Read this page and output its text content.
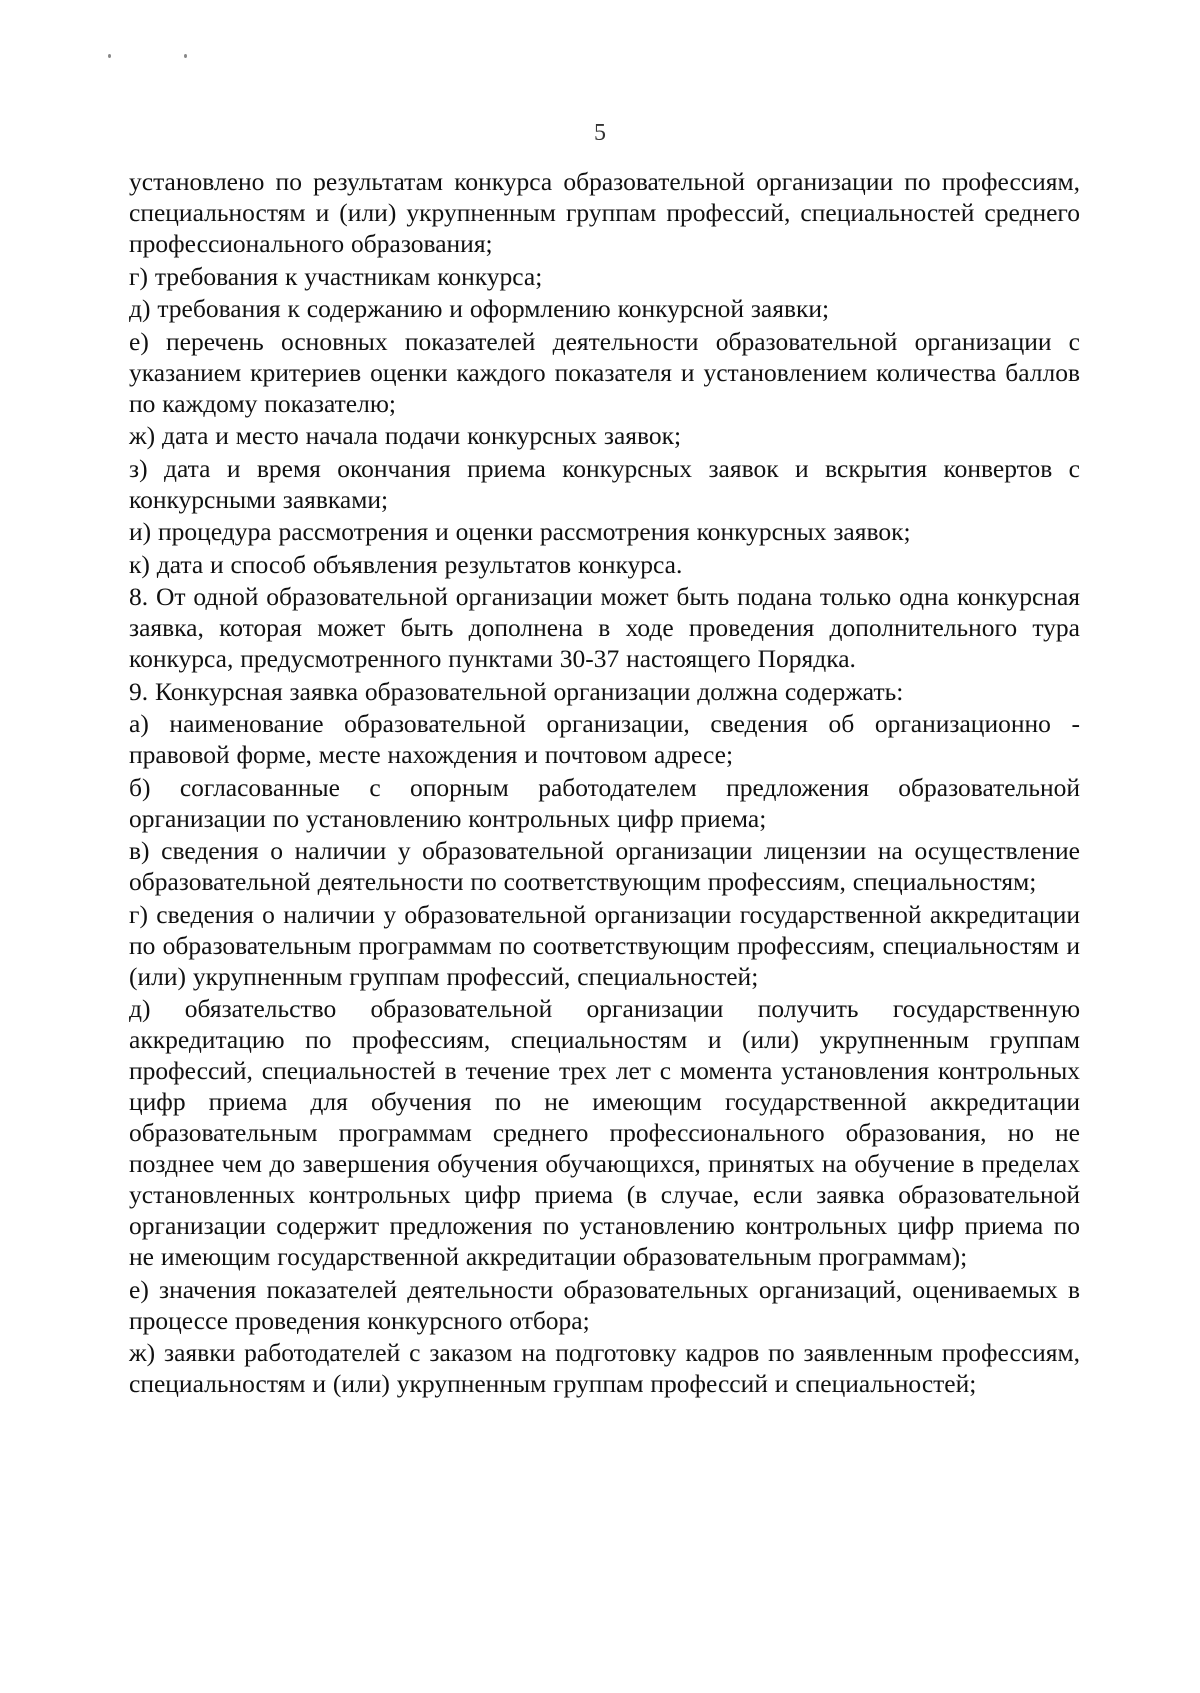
5

установлено по результатам конкурса образовательной организации по профессиям, специальностям и (или) укрупненным группам профессий, специальностей среднего профессионального образования;

г) требования к участникам конкурса;

д) требования к содержанию и оформлению конкурсной заявки;

е) перечень основных показателей деятельности образовательной организации с указанием критериев оценки каждого показателя и установлением количества баллов по каждому показателю;

ж) дата и место начала подачи конкурсных заявок;

з) дата и время окончания приема конкурсных заявок и вскрытия конвертов с конкурсными заявками;

и) процедура рассмотрения и оценки рассмотрения конкурсных заявок;

к) дата и способ объявления результатов конкурса.

8. От одной образовательной организации может быть подана только одна конкурсная заявка, которая может быть дополнена в ходе проведения дополнительного тура конкурса, предусмотренного пунктами 30-37 настоящего Порядка.

9. Конкурсная заявка образовательной организации должна содержать:

а) наименование образовательной организации, сведения об организационно - правовой форме, месте нахождения и почтовом адресе;

б) согласованные с опорным работодателем предложения образовательной организации по установлению контрольных цифр приема;

в) сведения о наличии у образовательной организации лицензии на осуществление образовательной деятельности по соответствующим профессиям, специальностям;

г) сведения о наличии у образовательной организации государственной аккредитации по образовательным программам по соответствующим профессиям, специальностям и (или) укрупненным группам профессий, специальностей;

д) обязательство образовательной организации получить государственную аккредитацию по профессиям, специальностям и (или) укрупненным группам профессий, специальностей в течение трех лет с момента установления контрольных цифр приема для обучения по не имеющим государственной аккредитации образовательным программам среднего профессионального образования, но не позднее чем до завершения обучения обучающихся, принятых на обучение в пределах установленных контрольных цифр приема (в случае, если заявка образовательной организации содержит предложения по установлению контрольных цифр приема по не имеющим государственной аккредитации образовательным программам);

е) значения показателей деятельности образовательных организаций, оцениваемых в процессе проведения конкурсного отбора;

ж) заявки работодателей с заказом на подготовку кадров по заявленным профессиям, специальностям и (или) укрупненным группам профессий и специальностей;
